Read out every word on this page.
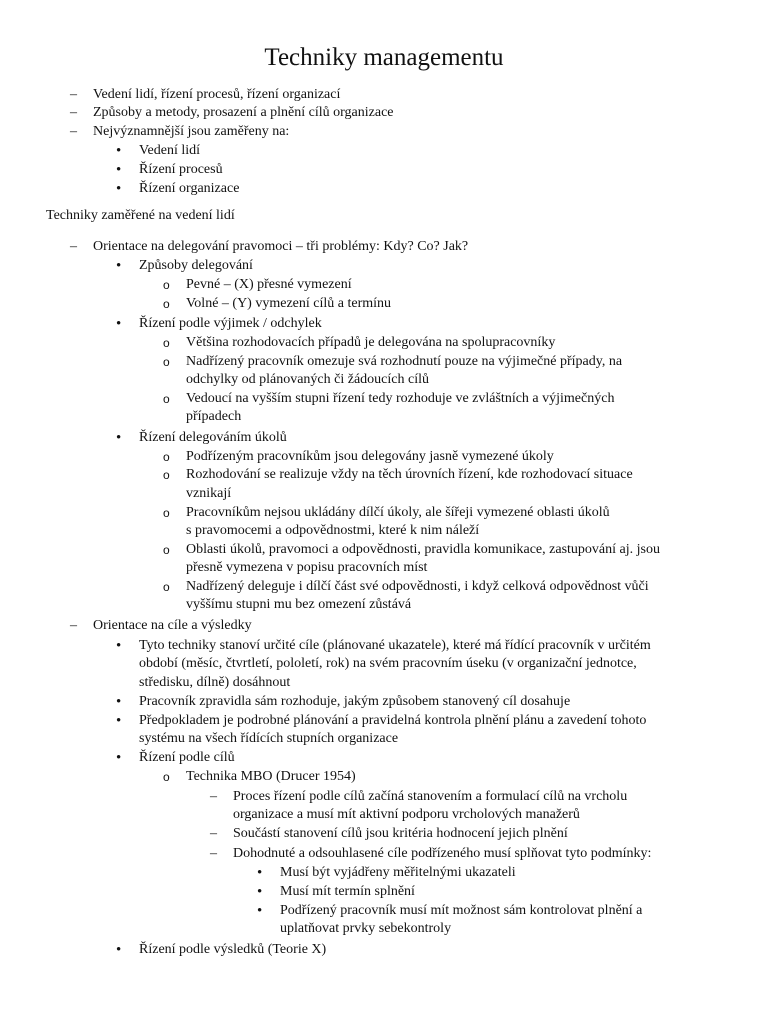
Techniky managementu
–
Vedení lidí, řízení procesů, řízení organizací
–
Způsoby a metody, prosazení a plnění cílů organizace
–
Nejvýznamnější jsou zaměřeny na:
•
Vedení lidí
•
Řízení procesů
•
Řízení organizace
Techniky zaměřené na vedení lidí
–
Orientace na delegování pravomoci – tři problémy: Kdy? Co? Jak?
•
Způsoby delegování
o
Pevné – (X) přesné vymezení
o
Volné – (Y) vymezení cílů a termínu
•
Řízení podle výjimek / odchylek
o
Většina rozhodovacích případů je delegována na spolupracovníky
o
Nadřízený pracovník omezuje svá rozhodnutí pouze na výjimečné případy, na
odchylky od plánovaných či žádoucích cílů
o
Vedoucí na vyšším stupni řízení tedy rozhoduje ve zvláštních a výjimečných
případech
•
Řízení delegováním úkolů
o
Podřízeným pracovníkům jsou delegovány jasně vymezené úkoly
o
Rozhodování se realizuje vždy na těch úrovních řízení, kde rozhodovací situace
vznikají
o
Pracovníkům nejsou ukládány dílčí úkoly, ale šířeji vymezené oblasti úkolů
s pravomocemi a odpovědnostmi, které k nim náleží
o
Oblasti úkolů, pravomoci a odpovědnosti, pravidla komunikace, zastupování aj. jsou
přesně vymezena v popisu pracovních míst
o
Nadřízený deleguje i dílčí část své odpovědnosti, i když celková odpovědnost vůči
vyššímu stupni mu bez omezení zůstává
–
Orientace na cíle a výsledky
•
Tyto techniky stanoví určité cíle (plánované ukazatele), které má řídící pracovník v určitém
období (měsíc, čtvrtletí, pololetí, rok) na svém pracovním úseku (v organizační jednotce,
středisku, dílně) dosáhnout
•
Pracovník zpravidla sám rozhoduje, jakým způsobem stanovený cíl dosahuje
•
Předpokladem je podrobné plánování a pravidelná kontrola plnění plánu a zavedení tohoto
systému na všech řídících stupních organizace
•
Řízení podle cílů
o
Technika MBO (Drucer 1954)
–
Proces řízení podle cílů začíná stanovením a formulací cílů na vrcholu
organizace a musí mít aktivní podporu vrcholových manažerů
–
Součástí stanovení cílů jsou kritéria hodnocení jejich plnění
–
Dohodnuté a odsouhlasené cíle podřízeného musí splňovat tyto podmínky:
•
Musí být vyjádřeny měřitelnými ukazateli
•
Musí mít termín splnění
•
Podřízený pracovník musí mít možnost sám kontrolovat plnění a
uplatňovat prvky sebekontroly
•
Řízení podle výsledků (Teorie X)
